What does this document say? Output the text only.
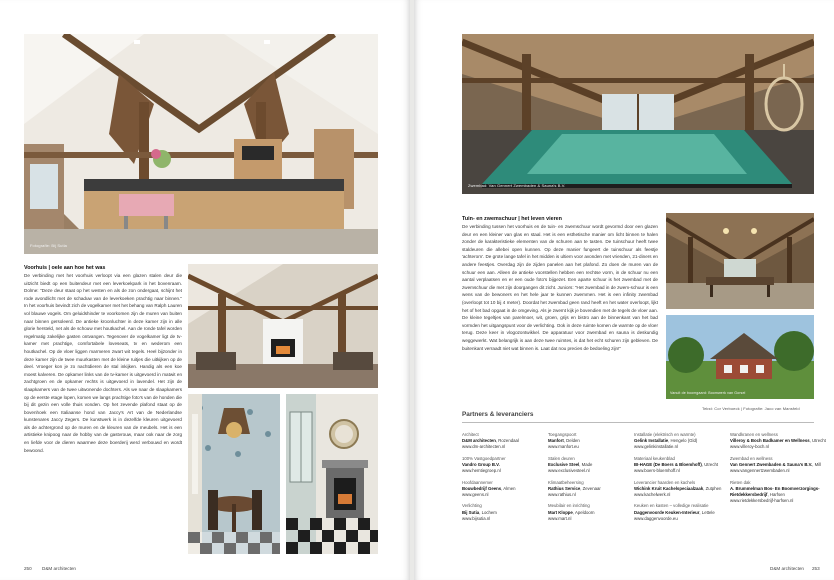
Fotografie: Bij Sutia
Voorhuis | oele aan hoe het was
De verbinding met het voorhuis verloopt via een glazen stalen deur die uitzicht biedt op een buitendeur met een leverkoekpark in het bovenraam. Dolme: "Deze deur staat op het westen en als de zon ondergaat, schijnt het rode avondlicht met de schaduw van de leverkoeken prachtig naar binnen." In het voorhuis bevindt zich de vogelkamer met het behang van Ralph Lauren vol blauwe vogels. Om geluidshinder te voorkomen zijn de muren van buiten naar binnen geïsoleerd. De antieke kroonluchter in deze kamer zijn in alle glorie hersteld, net als de schouw met houtkachel. Aan de ronde tafel worden regelmatig zakelijke gasten ontvangen. Tegenover de vogelkamer ligt de tv-kamer met prachtige, comfortabele loveseats, tv en wederom een houtkachel. Op de vloer liggen marmeren zwart wit tegels. Heel bijzonder in deze kamer zijn de twee muurkasten met de kleine ruitjes die uitkijken op de deel. Vroeger kon je zo nachtdieren de stal inkijken. Handig als een koe moest kalveren. De opkamer links van de tv-kamer is uitgevoerd in matwit en zachtgroen en de opkamer rechts is uitgevoerd in lavendel. Het zijn de slaapkamers van de twee uitwonende dochters. Als we naar de slaapkamers op de eerste etage lopen, komen we langs prachtige foto's van de honden die bij dit gezin een volle thuis vonden. Op het zevende plafond staat op de bovenhoek een Italiaanse hond van Jaccy's Art van de Nederlandse kunstenares Jaccy Zegers. De kunstwerk is in dezelfde kleuren uitgevoerd als de achtergrond op de muren en de kleuren van de meubels. Het is een artistieke knipoog naar de hobby van de gastvrouw, maar ook naar de zorg en liefde voor de dieren waarmee deze boerderij werd verbouwd en wordt bewoond.
250 D&M architecten
Zwembad: Van Gennert Zwembaden & Sauna's B.V.
Tuin- en zwemschuur | het leven vieren
De verbinding tussen het voorhuis en de tuin- en zwemschuur wordt gevormd door een glazen deur en een kleiner van glas en staal. Het is een esthetische manier om licht binnen te halen zonder de karakteristieke elementen van de schuren aan te tasten. De tuinschuur heeft twee staldeuren die allebei open kunnen. Op deze manier fungeert de tuinschuur als feestje 'achterom'. De grote lange tafel in het midden is ultiem voor avonden met vrienden, 21-diners en andere feestjes. Overdag zijn de zijden panelen aan het plafond. Zo doen de muren van de schuur een aan. Alleen de antieke voorstellen hebben een rechtse vorm, in de schuur nu een aantal verplaatsen en er een oude foto's bijgezet. Een aparte schuur is het zwembad met de zwemschuur die met zijn doorgangen dit zicht. Juniors: "Het zwembad in de zwem-schuur is een wens van de bewoners en het hele jaar te kunnen zwemmen. Het is een infinity zwembad (overloopt tot 10 bij 4 meter). Doordat het zwembad geen rand heeft en het water overloopt, lijkt het of het bad opgaat in de omgeving. Als je zwemt kijk je bovendien met de tegels de vloer aan. De kleine tegeltjes van parelmoer, wit, groen, grijs en bistro aan de binnenkant van het bad vormden het uitgangspunt voor de verlichting. Ook in deze ruimte komen de warmte op de vloer terug. Deze keer in vlogozontwikkel. De apparatuur voor zwembad en sauna is deskundig weggewerkt. Wat belangrijk is aan deze twee ruimtes, is dat het echt schuren zijn gebleven. De buitenkant verraadt niet wat binnen is. Laat dat nou precies de bedoeling zijn!"
Vanuit de boomgaard: Boomwerk van Gorsel
Tekst: Cor Verboeck | Fotografie: Jaco van Mansfeld
Partners & leveranciers
Architect
D&M architecten, Rozendaal
www.dm-architecten.nl
100% Vastgoedpartner
Vandro Group B.V.
www.hemtiegroep.nl
Hoofdaannemer
Bouwbedrijf Geens, Almen
www.geens.nl
Verlichting
Bij Sutia, Lochem
www.bijsutia.nl
Toegangspoort
Manfort, Delden
www.manfort.eu
Stalen deuren
Exclusive Steel, Made
www.exclusivesteel.nl
Klimaatbeheersing
Rathius Service, Zevenaar
www.rathius.nl
Meubilair en inrichting
Mart Kloppe, Apeldoorn
www.mart.nl
Installatie (elektrisch en warmte)
Gelink Installatie, Hengelo (Gld)
www.gelinkinstallatie.nl
Materiaal keukenblad
BI-HAGE (De Boers & Bloemhoff), Utrecht
www.boers-bloemhoff.nl
Leverancier haarden en kachels
Wichink Kruit Kachelspeciaalzaak, Zutphen
www.kachelwerk.nl
Keuken en kasten – volledige realisatie
Daggenvoorde Keuken-Interieur, Lettele
www.daggenvoorde.eu
Wandkranen en wellness
Villeroy & Boch Badkamer en Wellness, Utrecht
www.villeroy-boch.nl
Zwembad en wellness
Van Gennert Zwembaden & Sauna's B.V., Mill
www.vangennertzwembaden.nl
Rieten dak
A. Brummelman Bos- En Boomverzorgings-Rietdekkersbedrijf, Harfsen
www.rietdekkersbedrijf-harfsen.nl
D&M architecten 253
